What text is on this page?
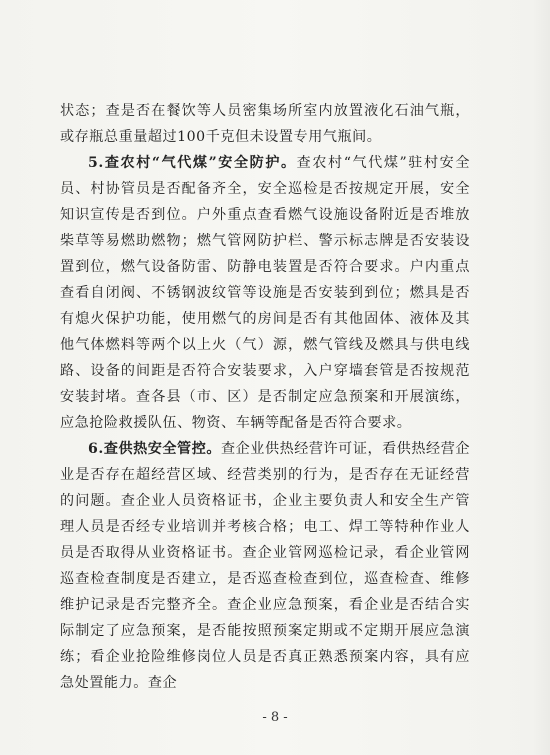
状态；查是否在餐饮等人员密集场所室内放置液化石油气瓶，或存瓶总重量超过100千克但未设置专用气瓶间。

5.查农村“气代煤”安全防护。查农村“气代煤”驻村安全员、村协管员是否配备齐全，安全巡检是否按规定开展，安全知识宣传是否到位。户外重点查看燃气设施设备附近是否堆放柴草等易燃助燃物；燃气管网防护栏、警示标志牌是否安装设置到位，燃气设备防雷、防静电装置是否符合要求。户内重点查看自闭阀、不锈钢波纹管等设施是否安装到到位；燃具是否有熄火保护功能，使用燃气的房间是否有其他固体、液体及其他气体燃料等两个以上火（气）源，燃气管线及燃具与供电线路、设备的间距是否符合安装要求，入户穿墙套管是否按规范安装封堵。查各县（市、区）是否制定应急预案和开展演练，应急抢险救援队伍、物资、车辆等配备是否符合要求。

6.查供热安全管控。查企业供热经营许可证，看供热经营企业是否存在超经营区域、经营类别的行为，是否存在无证经营的问题。查企业人员资格证书，企业主要负责人和安全生产管理人员是否经专业培训并考核合格；电工、焊工等特种作业人员是否取得从业资格证书。查企业管网巡检记录，看企业管网巡查检查制度是否建立，是否巡查检查到位，巡查检查、维修维护记录是否完整齐全。查企业应急预案，看企业是否结合实际制定了应急预案，是否能按照预案定期或不定期开展应急演练；看企业抢险维修岗位人员是否真正熟悉预案内容，具有应急处置能力。查企

- 8 -
